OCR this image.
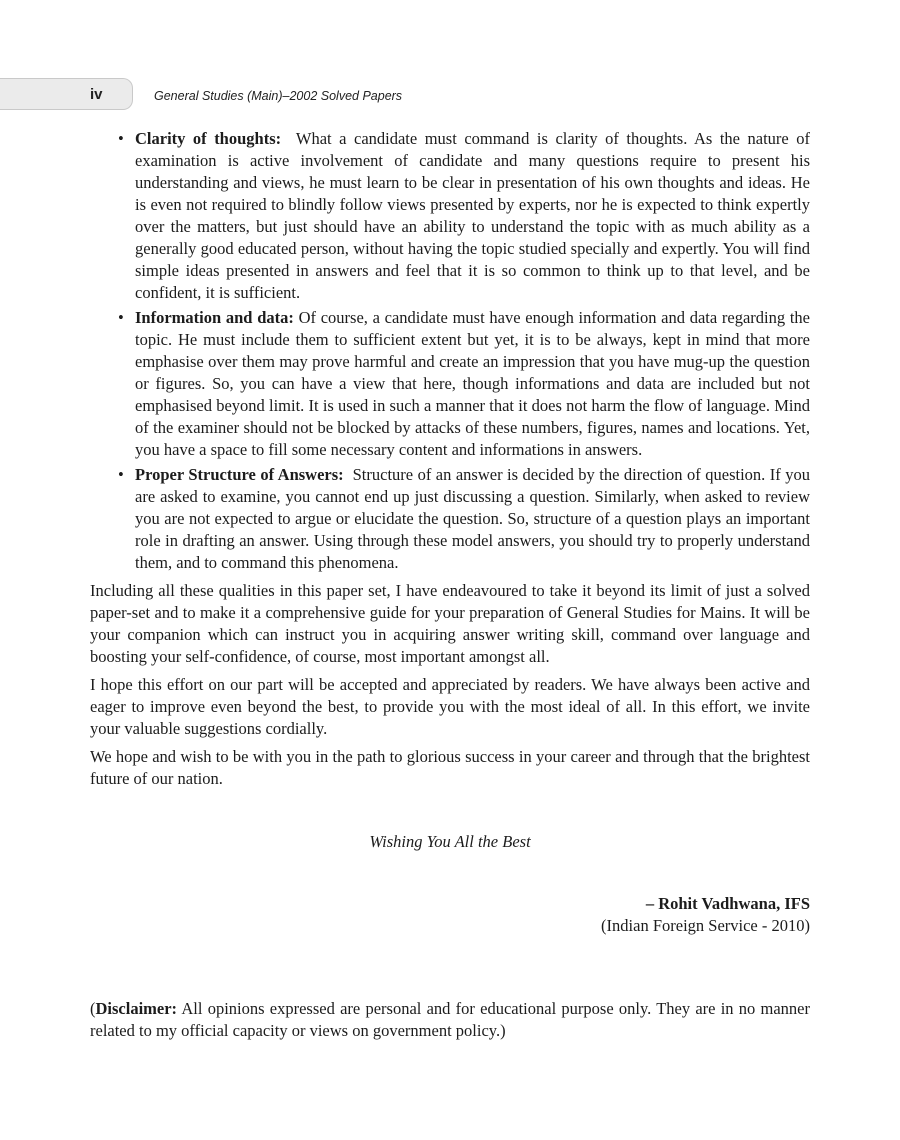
iv	General Studies (Main)–2002 Solved Papers
• Clarity of thoughts: What a candidate must command is clarity of thoughts. As the nature of examination is active involvement of candidate and many questions require to present his understanding and views, he must learn to be clear in presentation of his own thoughts and ideas. He is even not required to blindly follow views presented by experts, nor he is expected to think expertly over the matters, but just should have an ability to understand the topic with as much ability as a generally good educated person, without having the topic studied specially and expertly. You will find simple ideas presented in answers and feel that it is so common to think up to that level, and be confident, it is sufficient.
• Information and data: Of course, a candidate must have enough information and data regarding the topic. He must include them to sufficient extent but yet, it is to be always, kept in mind that more emphasise over them may prove harmful and create an impression that you have mug-up the question or figures. So, you can have a view that here, though informations and data are included but not emphasised beyond limit. It is used in such a manner that it does not harm the flow of language. Mind of the examiner should not be blocked by attacks of these numbers, figures, names and locations. Yet, you have a space to fill some necessary content and informations in answers.
• Proper Structure of Answers: Structure of an answer is decided by the direction of question. If you are asked to examine, you cannot end up just discussing a question. Similarly, when asked to review you are not expected to argue or elucidate the question. So, structure of a question plays an important role in drafting an answer. Using through these model answers, you should try to properly understand them, and to command this phenomena.

Including all these qualities in this paper set, I have endeavoured to take it beyond its limit of just a solved paper-set and to make it a comprehensive guide for your preparation of General Studies for Mains. It will be your companion which can instruct you in acquiring answer writing skill, command over language and boosting your self-confidence, of course, most important amongst all.

I hope this effort on our part will be accepted and appreciated by readers. We have always been active and eager to improve even beyond the best, to provide you with the most ideal of all. In this effort, we invite your valuable suggestions cordially.

We hope and wish to be with you in the path to glorious success in your career and through that the brightest future of our nation.

Wishing You All the Best
– Rohit Vadhwana, IFS
(Indian Foreign Service - 2010)
(Disclaimer: All opinions expressed are personal and for educational purpose only. They are in no manner related to my official capacity or views on government policy.)
